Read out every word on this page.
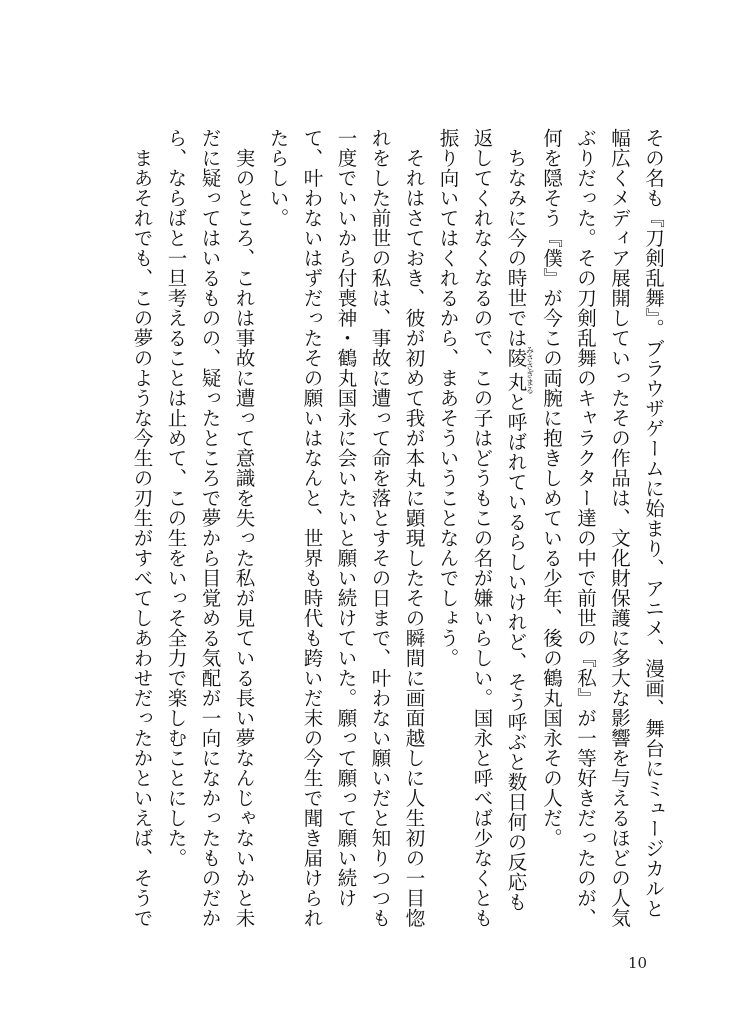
その名も『刀剣乱舞』。ブラウザゲームに始まり、アニメ、漫画、舞台にミュージカルと幅広くメディア展開していったその作品は、文化財保護に多大な影響を与えるほどの人気ぶりだった。その刀剣乱舞のキャラクター達の中で前世の『私』が一等好きだったのが、何を隠そう『僕』が今この両腕に抱きしめている少年、後の鶴丸国永その人だ。

ちなみに今の時世では陵丸みささぎまると呼ばれているらしいけれど、そう呼ぶと数日何の反応も返してくれなくなるので、この子はどうもこの名が嫌いらしい。国永と呼べば少なくとも振り向いてはくれるから、まあそういうことなんでしょう。

それはさておき、彼が初めて我が本丸に顕現したその瞬間に画面越しに人生初の一目惚れをした前世の私は、事故に遭って命を落とすその日まで、叶わない願いだと知りつつも一度でいいから付喪神・鶴丸国永に会いたいと願い続けていた。願って願って願い続けて、叶わないはずだったその願いはなんと、世界も時代も跨いだ末の今生で聞き届けられたらしい。

実のところ、これは事故に遭って意識を失った私が見ている長い夢なんじゃないかと未だに疑ってはいるものの、疑ったところで夢から目覚める気配が一向になかったものだから、ならばと一旦考えることは止めて、この生をいっそ全力で楽しむことにした。

まあそれでも、この夢のような今生の刃生がすべてしあわせだったかといえば、そうで

10
